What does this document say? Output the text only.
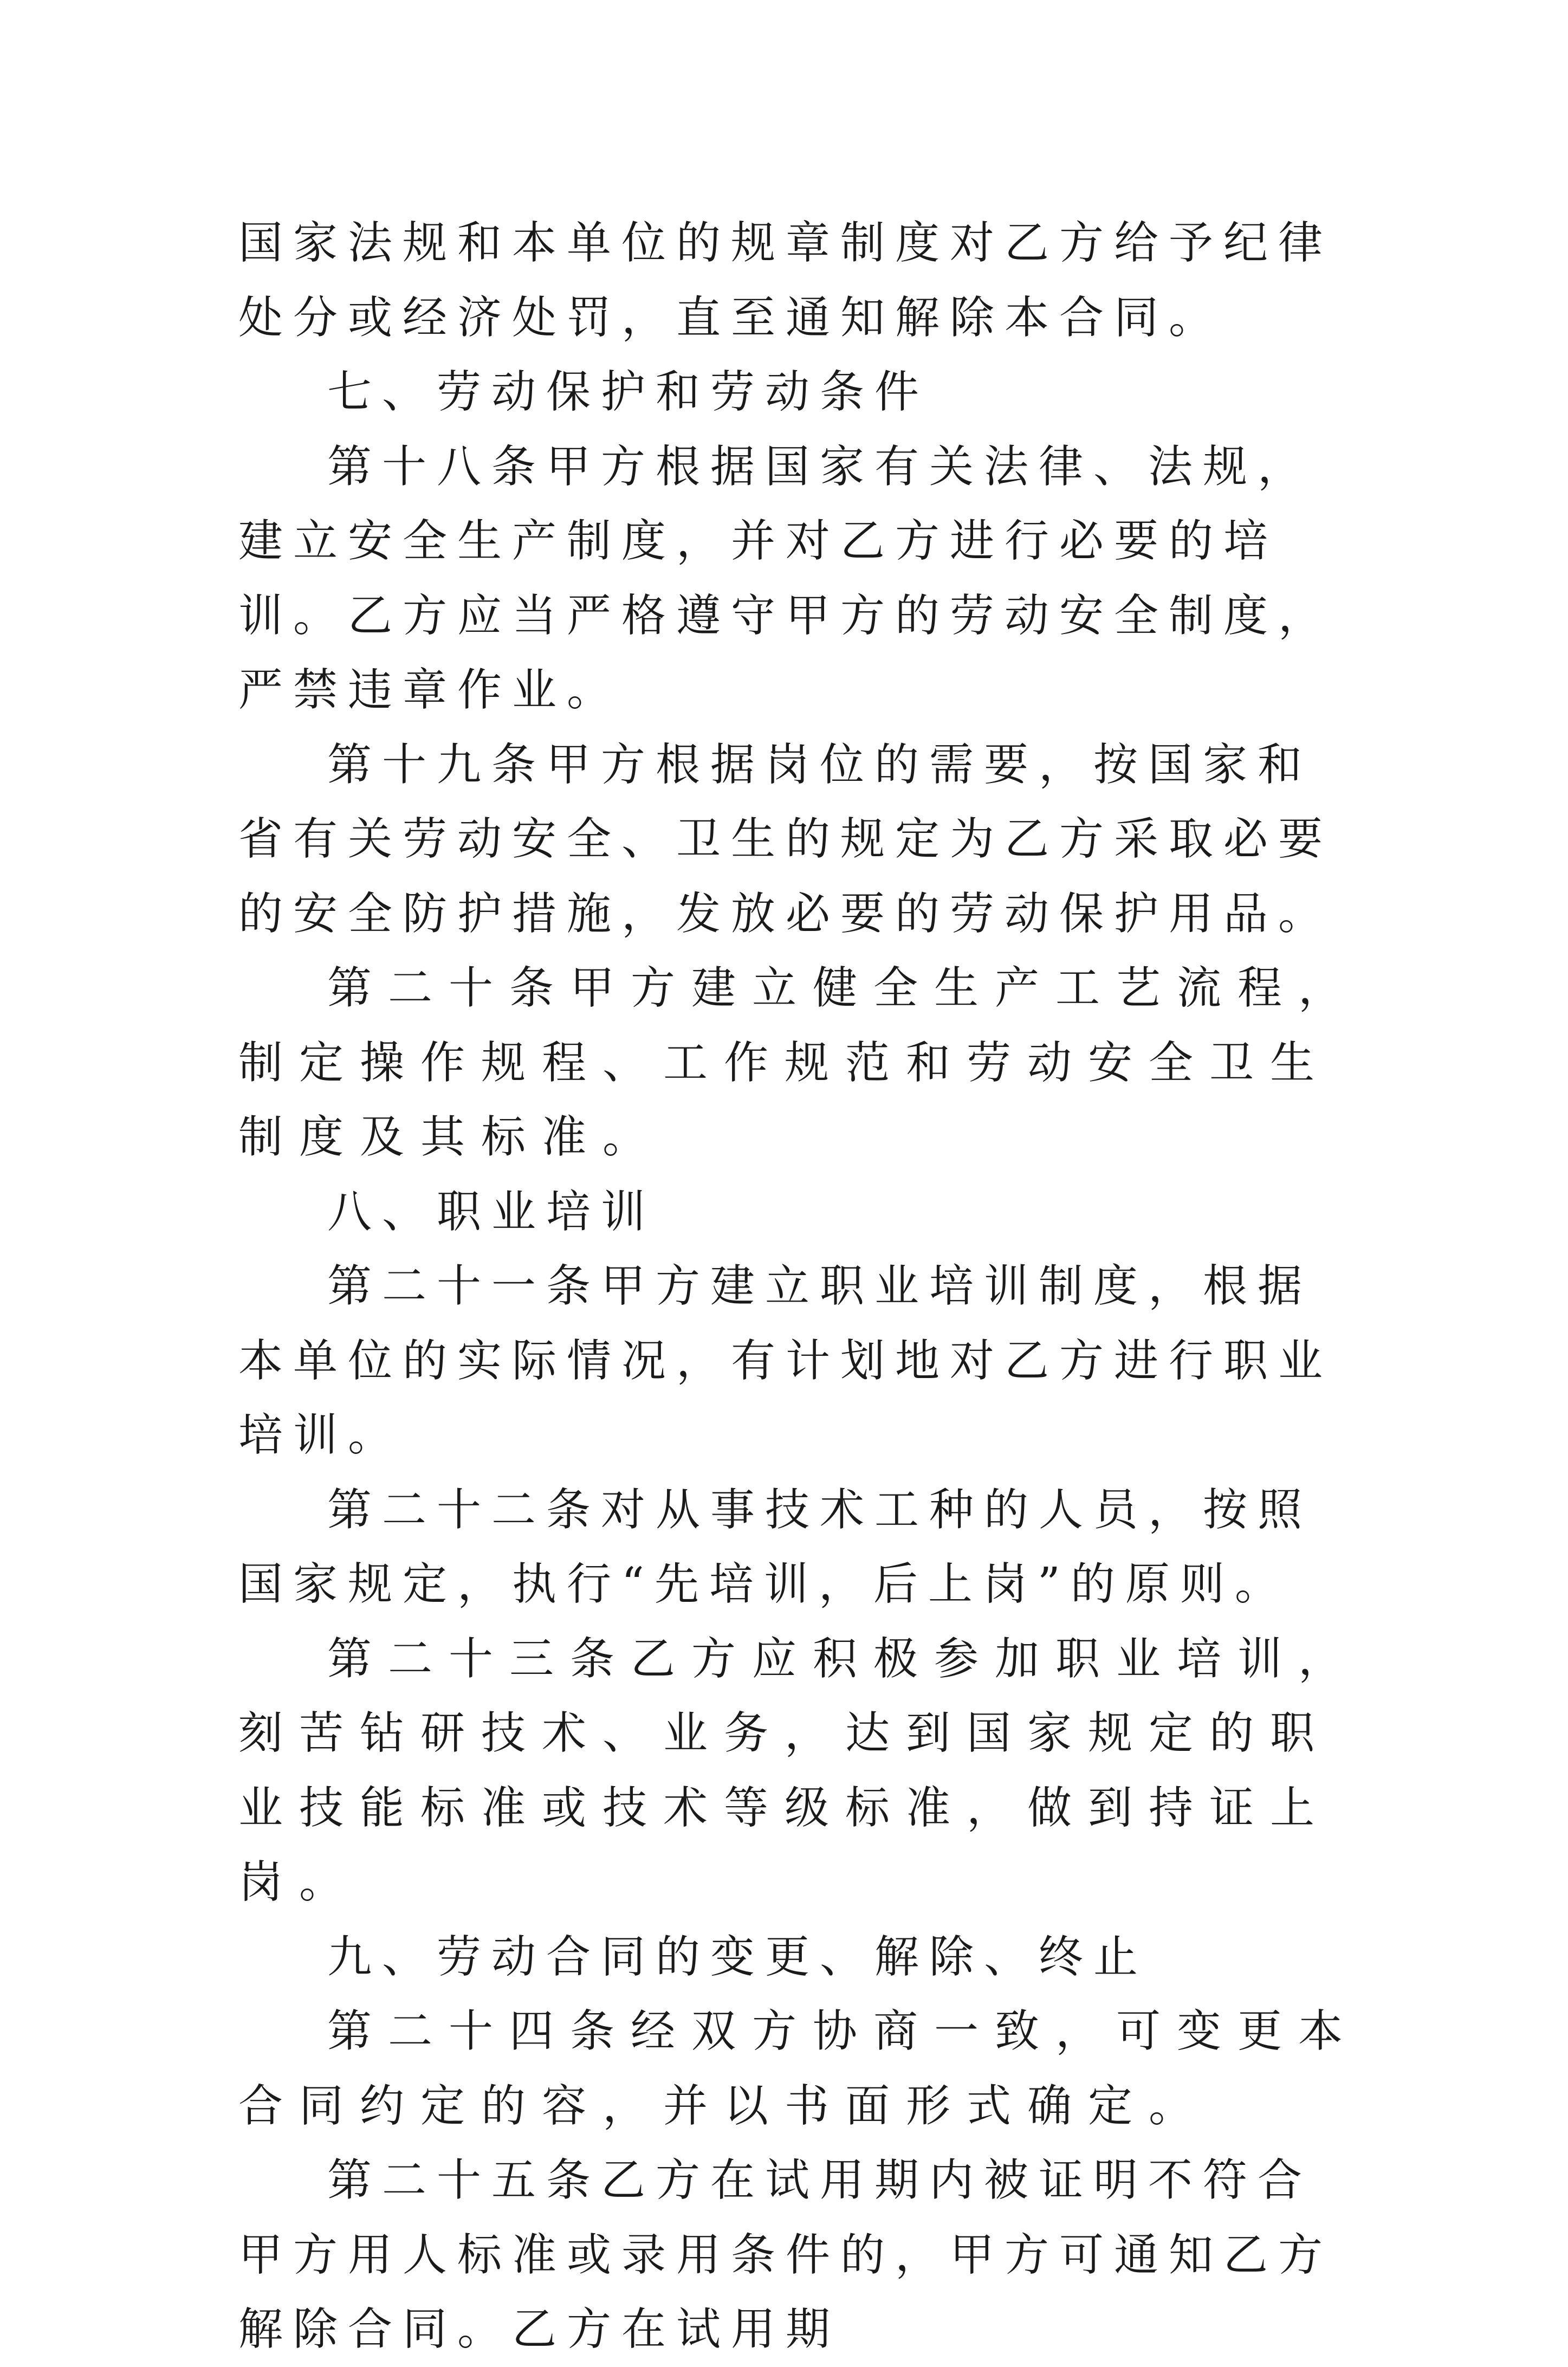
国家法规和本单位的规章制度对乙方给予纪律处分或经济处罚，直至通知解除本合同。

七、劳动保护和劳动条件

第十八条甲方根据国家有关法律、法规，建立安全生产制度，并对乙方进行必要的培训。乙方应当严格遵守甲方的劳动安全制度，严禁违章作业。

第十九条甲方根据岗位的需要，按国家和省有关劳动安全、卫生的规定为乙方采取必要的安全防护措施，发放必要的劳动保护用品。

第二十条甲方建立健全生产工艺流程，制定操作规程、工作规范和劳动安全卫生制度及其标准。

八、职业培训

第二十一条甲方建立职业培训制度，根据本单位的实际情况，有计划地对乙方进行职业培训。

第二十二条对从事技术工种的人员，按照国家规定，执行“先培训，后上岗”的原则。

第二十三条乙方应积极参加职业培训，刻苦钻研技术、业务，达到国家规定的职业技能标准或技术等级标准，做到持证上岗。

九、劳动合同的变更、解除、终止

第二十四条经双方协商一致，可变更本合同约定的容，并以书面形式确定。

第二十五条乙方在试用期内被证明不符合甲方用人标准或录用条件的，甲方可通知乙方解除合同。乙方在试用期
